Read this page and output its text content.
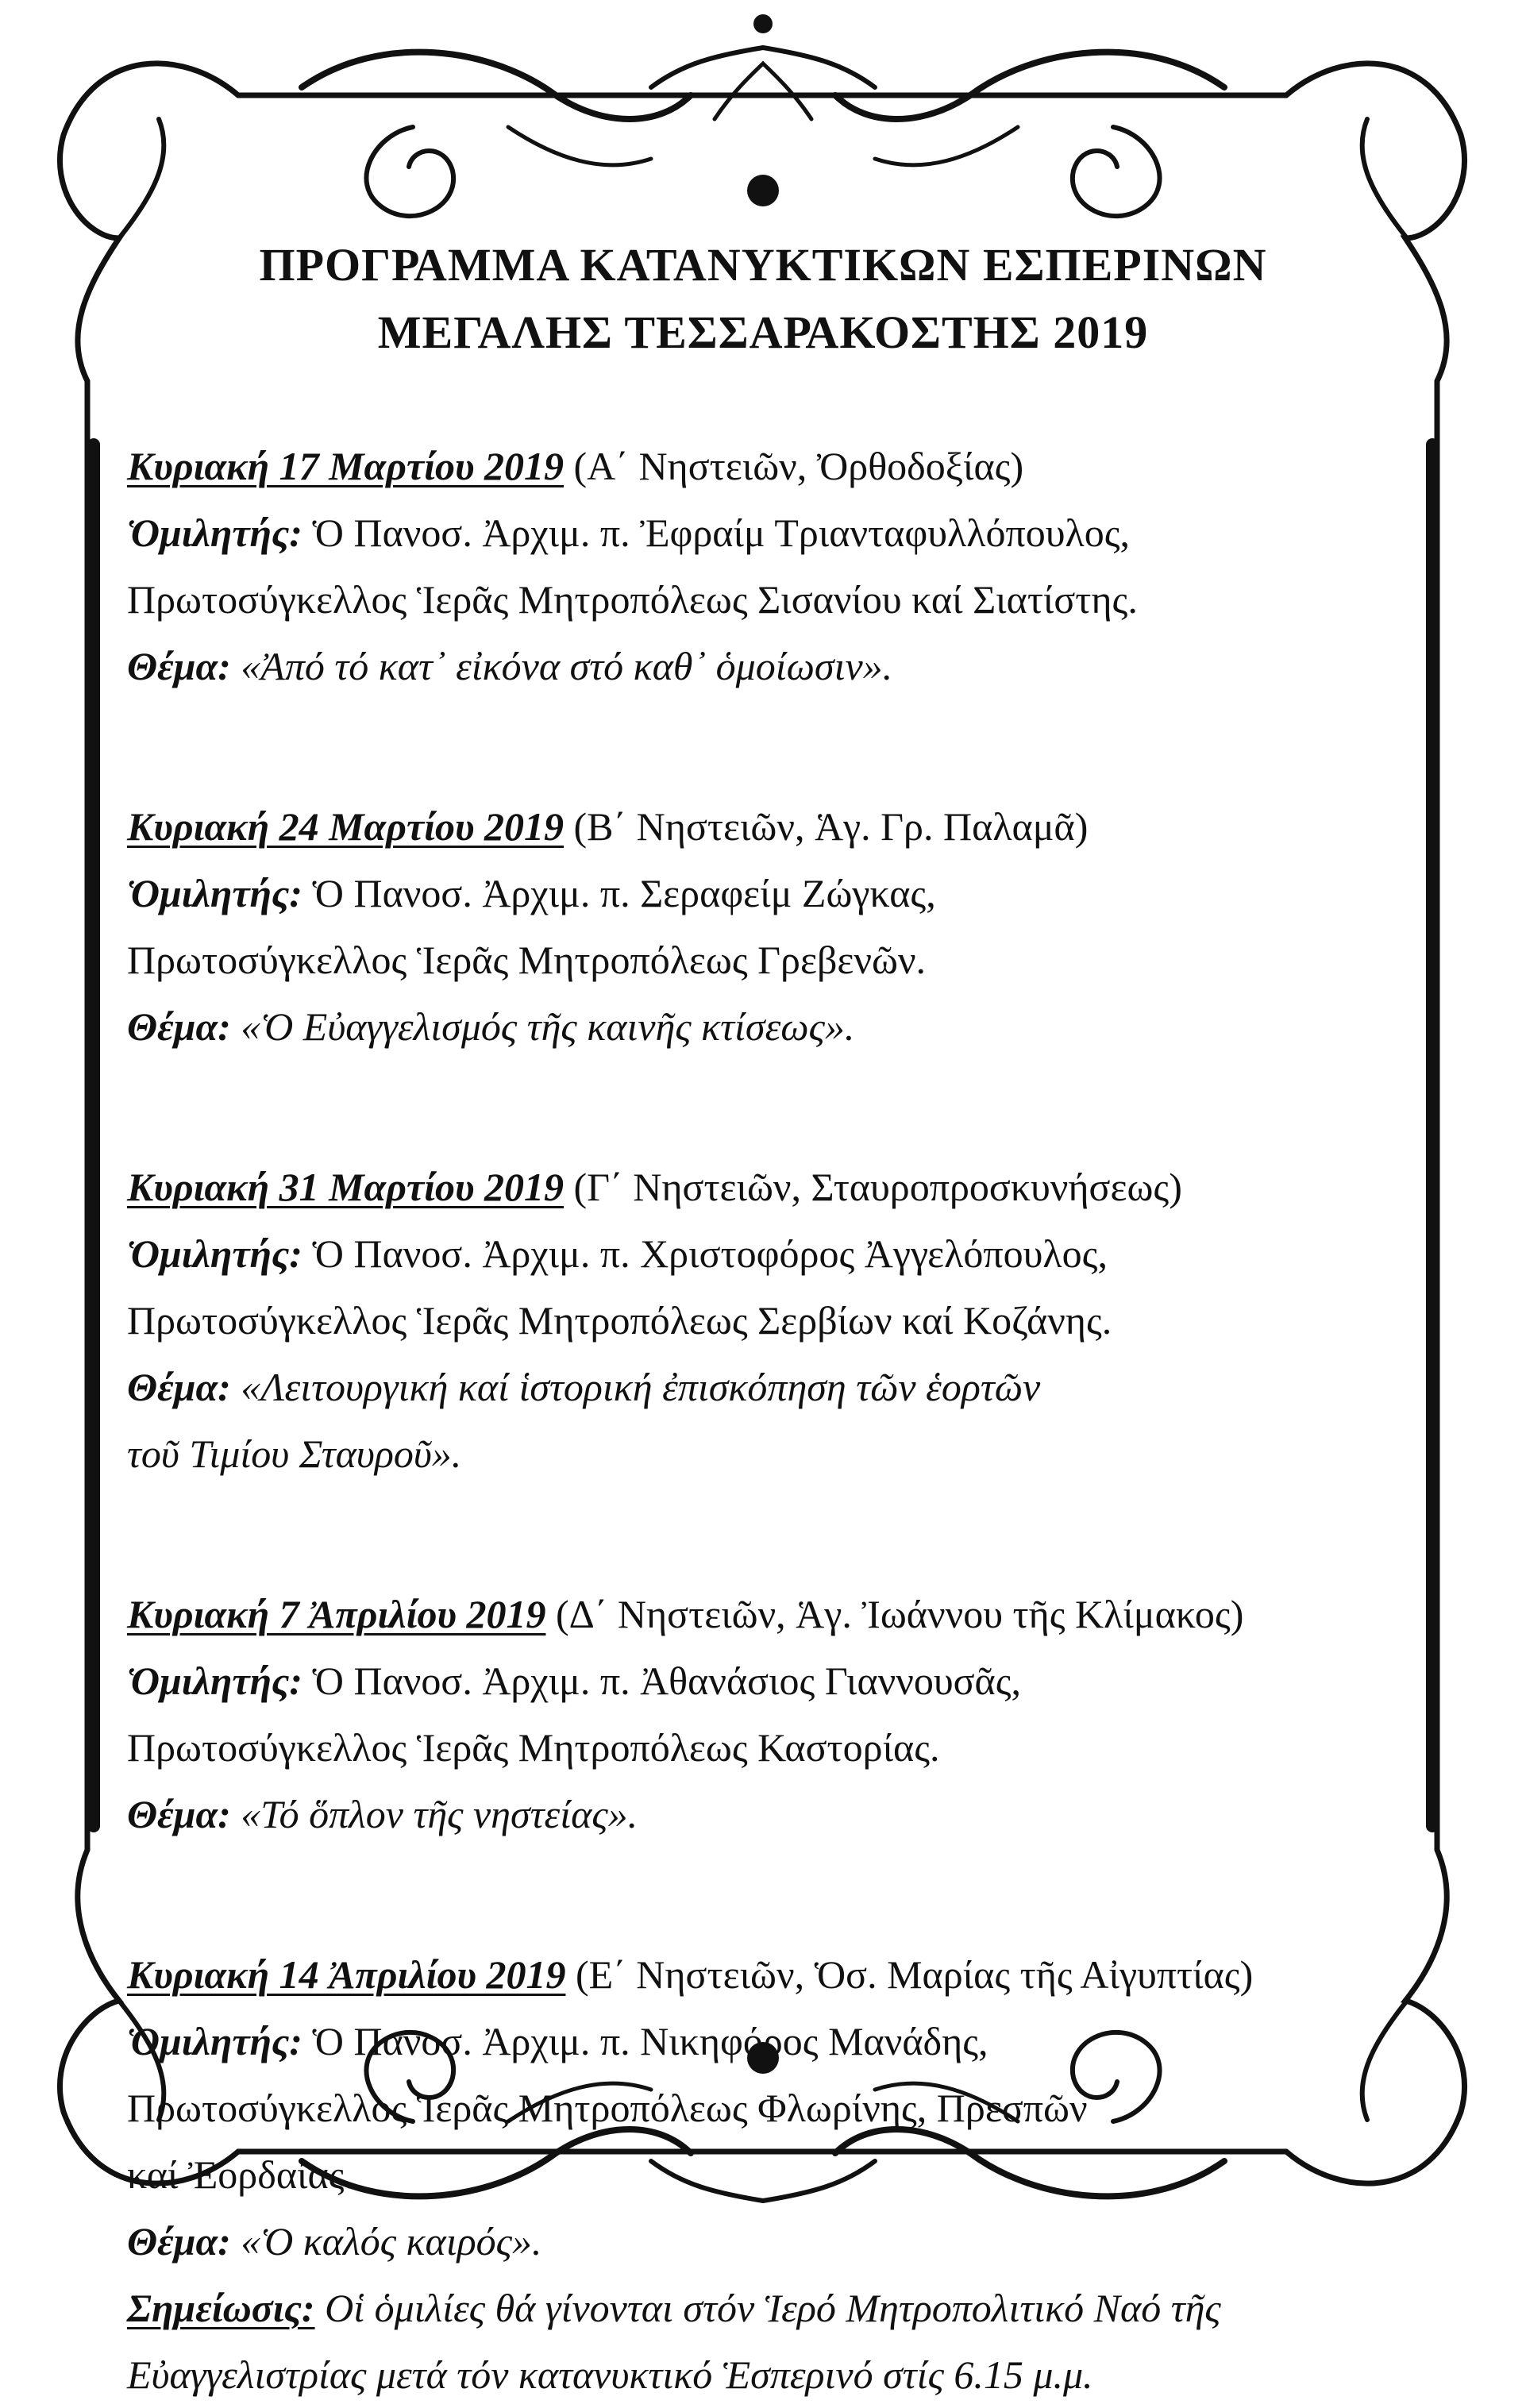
ΠΡΟΓΡΑΜΜΑ ΚΑΤΑΝΥΚΤΙΚΩΝ ΕΣΠΕΡΙΝΩΝ
ΜΕΓΑΛΗΣ ΤΕΣΣΑΡΑΚΟΣΤΗΣ 2019
Κυριακή 17 Μαρτίου 2019 (Α΄ Νηστειῶν, Ὀρθοδοξίας)
Ὁμιλητής: Ὁ Πανοσ. Ἀρχιμ. π. Ἐφραίμ Τριανταφυλλόπουλος,
Πρωτοσύγκελλος Ἱερᾶς Μητροπόλεως Σισανίου καί Σιατίστης.
Θέμα: «Ἀπό τό κατ᾽ εἰκόνα στό καθ᾽ ὁμοίωσιν».
Κυριακή 24 Μαρτίου 2019 (Β΄ Νηστειῶν, Ἁγ. Γρ. Παλαμᾶ)
Ὁμιλητής: Ὁ Πανοσ. Ἀρχιμ. π. Σεραφείμ Ζώγκας,
Πρωτοσύγκελλος Ἱερᾶς Μητροπόλεως Γρεβενῶν.
Θέμα: «Ὁ Εὐαγγελισμός τῆς καινῆς κτίσεως».
Κυριακή 31 Μαρτίου 2019 (Γ΄ Νηστειῶν, Σταυροπροσκυνήσεως)
Ὁμιλητής: Ὁ Πανοσ. Ἀρχιμ. π. Χριστοφόρος Ἀγγελόπουλος,
Πρωτοσύγκελλος Ἱερᾶς Μητροπόλεως Σερβίων καί Κοζάνης.
Θέμα: «Λειτουργική καί ἱστορική ἐπισκόπηση τῶν ἑορτῶν
τοῦ Τιμίου Σταυροῦ».
Κυριακή 7 Ἀπριλίου 2019 (Δ΄ Νηστειῶν, Ἁγ. Ἰωάννου τῆς Κλίμακος)
Ὁμιλητής: Ὁ Πανοσ. Ἀρχιμ. π. Ἀθανάσιος Γιαννουσᾶς,
Πρωτοσύγκελλος Ἱερᾶς Μητροπόλεως Καστορίας.
Θέμα: «Τό ὅπλον τῆς νηστείας».
Κυριακή 14 Ἀπριλίου 2019 (Ε΄ Νηστειῶν, Ὁσ. Μαρίας τῆς Αἰγυπτίας)
Ὁμιλητής: Ὁ Πανοσ. Ἀρχιμ. π. Νικηφόρος Μανάδης,
Πρωτοσύγκελλος Ἱερᾶς Μητροπόλεως Φλωρίνης, Πρεσπῶν
καί Ἐορδαίας.
Θέμα: «Ὁ καλός καιρός».
Σημείωσις: Οἱ ὁμιλίες θά γίνονται στόν Ἱερό Μητροπολιτικό Ναό τῆς
Εὐαγγελιστρίας μετά τόν κατανυκτικό Ἑσπερινό στίς 6.15 μ.μ.
